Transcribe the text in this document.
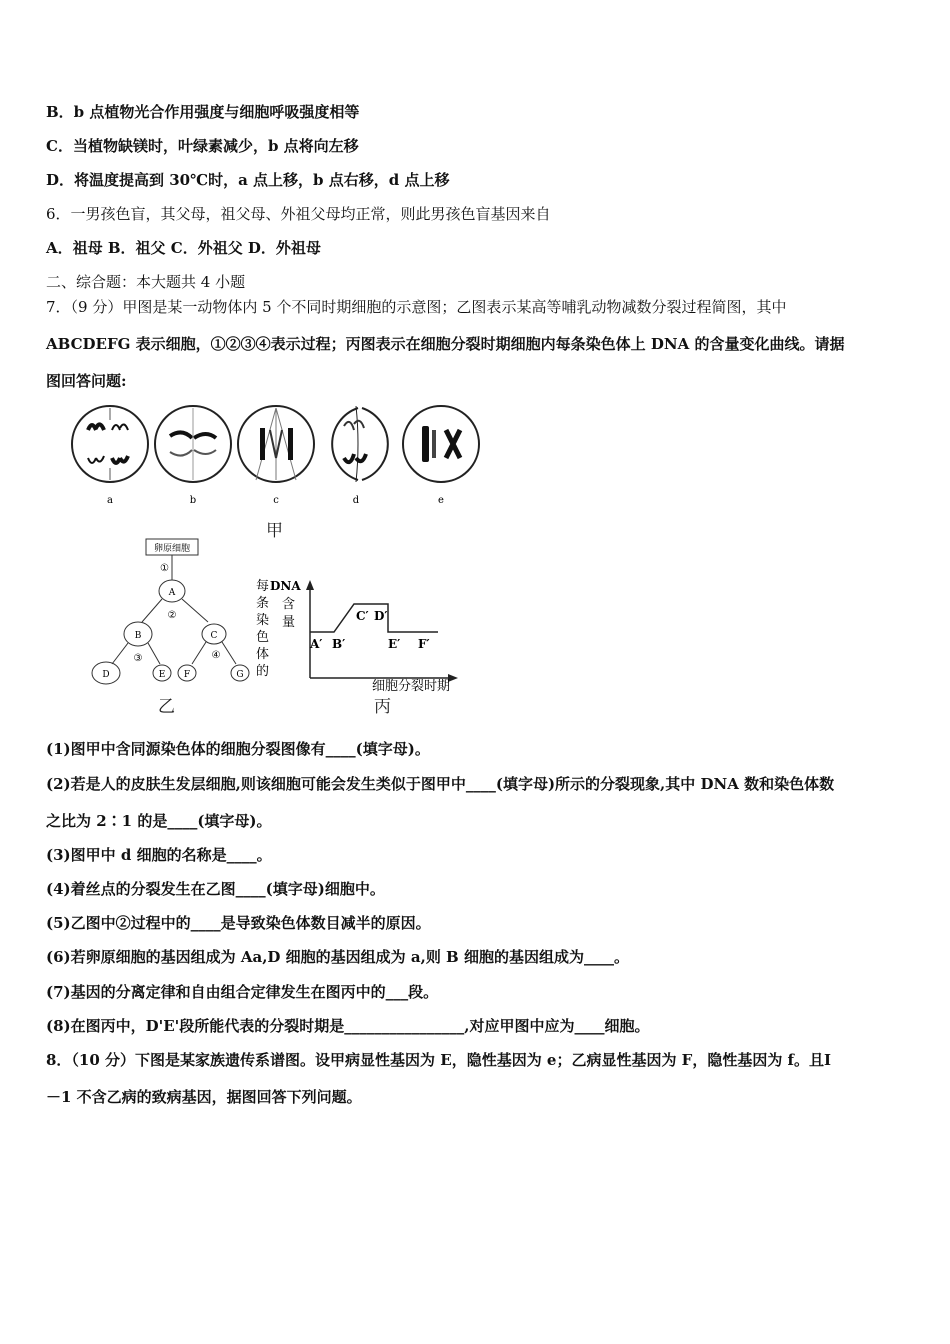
B．b 点植物光合作用强度与细胞呼吸强度相等
C．当植物缺镁时，叶绿素减少，b 点将向左移
D．将温度提高到 30℃时，a 点上移，b 点右移，d 点上移
6．一男孩色盲，其父母，祖父母、外祖父母均正常，则此男孩色盲基因来自
A．祖母 B．祖父 C．外祖父 D．外祖母
二、综合题：本大题共 4 小题
7．（9 分）甲图是某一动物体内 5 个不同时期细胞的示意图；乙图表示某高等哺乳动物减数分裂过程简图，其中
ABCDEFG 表示细胞，①②③④表示过程；丙图表示在细胞分裂时期细胞内每条染色体上 DNA 的含量变化曲线。请据
图回答问题:
a	b	c	d	e
甲
卵原细胞
①
A
②
B	C
③	④
D	E F	G
乙
每
条
染
色
体
的
DNA
含
量
A′ B′
C′ D′
E′ F′
细胞分裂时期
丙
(1)图甲中含同源染色体的细胞分裂图像有____(填字母)。
(2)若是人的皮肤生发层细胞,则该细胞可能会发生类似于图甲中____(填字母)所示的分裂现象,其中 DNA 数和染色体数
之比为 2∶1 的是____(填字母)。
(3)图甲中 d 细胞的名称是____。
(4)着丝点的分裂发生在乙图____(填字母)细胞中。
(5)乙图中②过程中的____是导致染色体数目减半的原因。
(6)若卵原细胞的基因组成为 Aa,D 细胞的基因组成为 a,则 B 细胞的基因组成为____。
(7)基因的分离定律和自由组合定律发生在图丙中的___段。
(8)在图丙中，D'E'段所能代表的分裂时期是________________,对应甲图中应为____细胞。
8．（10 分）下图是某家族遗传系谱图。设甲病显性基因为 E，隐性基因为 e；乙病显性基因为 F，隐性基因为 f。且Ⅰ
－1 不含乙病的致病基因，据图回答下列问题。
